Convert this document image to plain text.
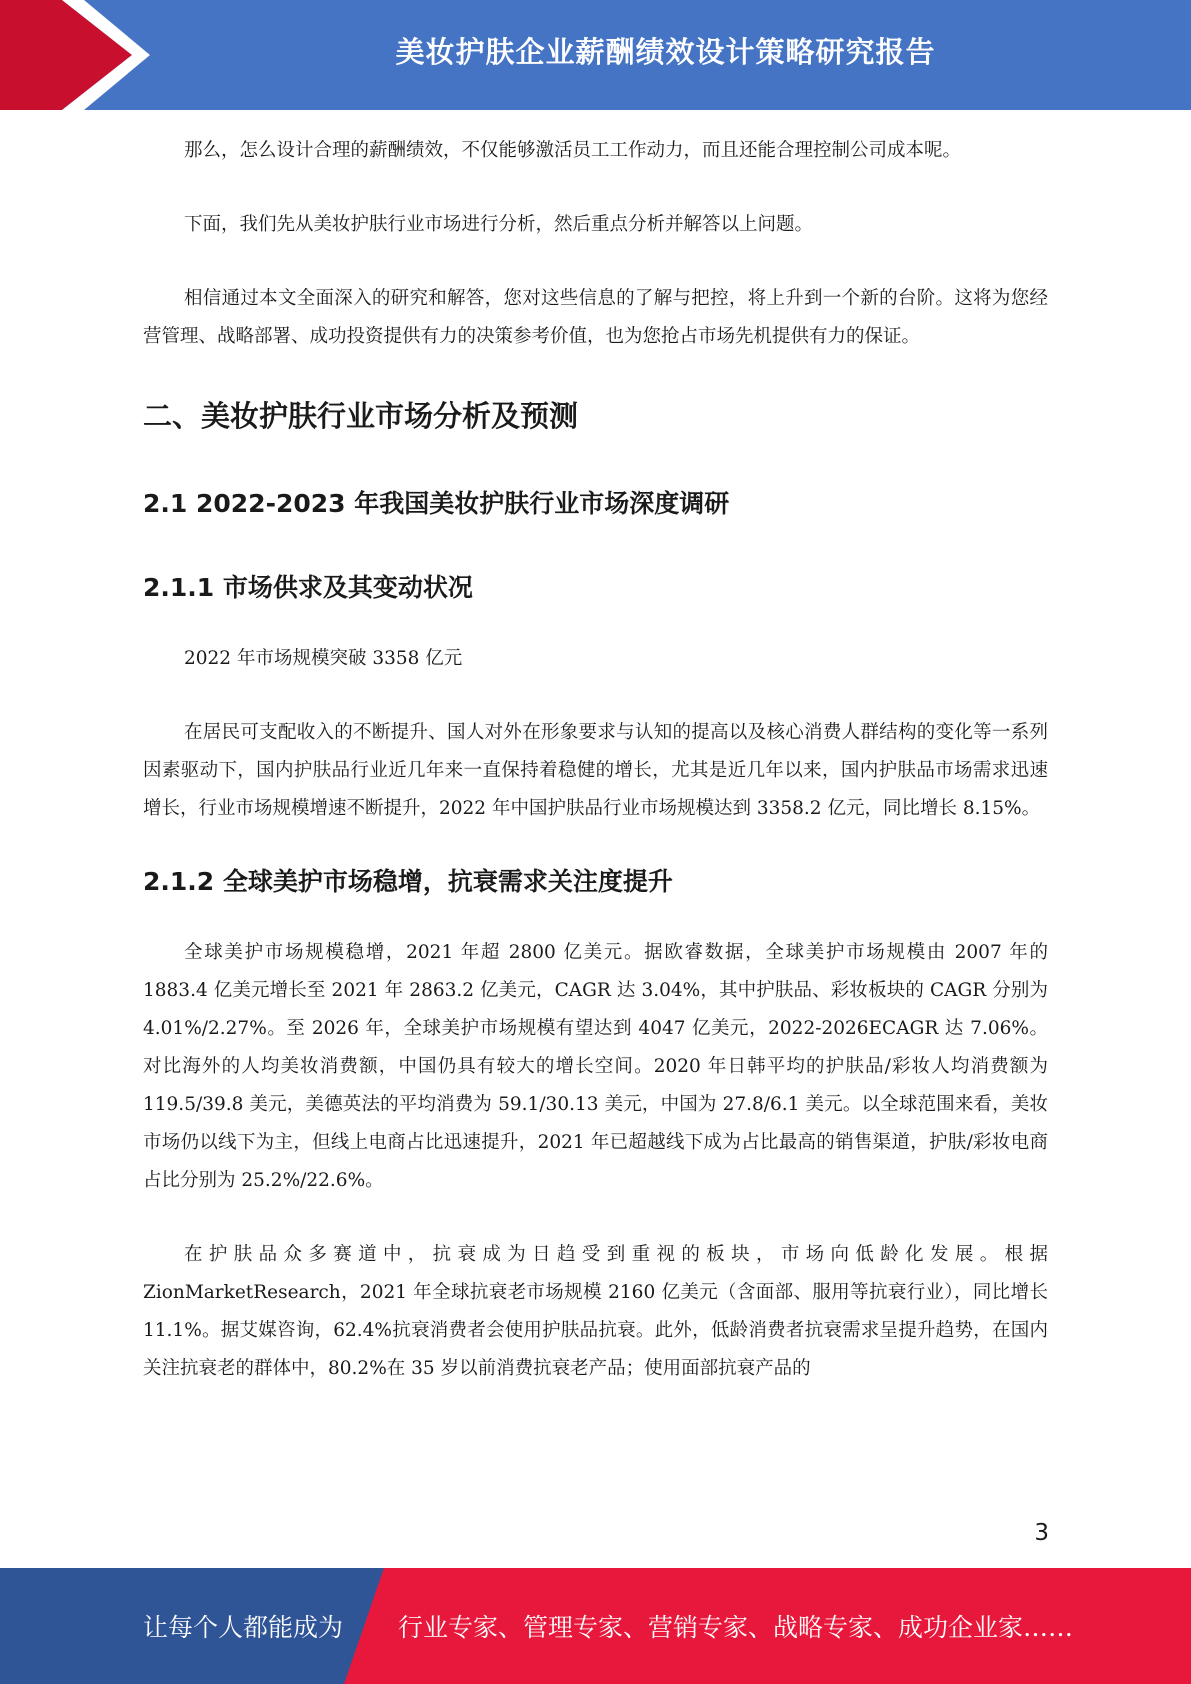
美妆护肤企业薪酬绩效设计策略研究报告

那么，怎么设计合理的薪酬绩效，不仅能够激活员工工作动力，而且还能合理控制公司成本呢。

下面，我们先从美妆护肤行业市场进行分析，然后重点分析并解答以上问题。

相信通过本文全面深入的研究和解答，您对这些信息的了解与把控，将上升到一个新的台阶。这将为您经营管理、战略部署、成功投资提供有力的决策参考价值，也为您抢占市场先机提供有力的保证。

二、美妆护肤行业市场分析及预测
2.1 2022-2023 年我国美妆护肤行业市场深度调研
2.1.1 市场供求及其变动状况

2022 年市场规模突破 3358 亿元

在居民可支配收入的不断提升、国人对外在形象要求与认知的提高以及核心消费人群结构的变化等一系列因素驱动下，国内护肤品行业近几年来一直保持着稳健的增长，尤其是近几年以来，国内护肤品市场需求迅速增长，行业市场规模增速不断提升，2022 年中国护肤品行业市场规模达到 3358.2 亿元，同比增长 8.15%。

2.1.2 全球美护市场稳增，抗衰需求关注度提升

全球美护市场规模稳增，2021 年超 2800 亿美元。据欧睿数据，全球美护市场规模由 2007 年的 1883.4 亿美元增长至 2021 年 2863.2 亿美元，CAGR 达 3.04%，其中护肤品、彩妆板块的 CAGR 分别为 4.01%/2.27%。至 2026 年，全球美护市场规模有望达到 4047 亿美元，2022-2026ECAGR 达 7.06%。对比海外的人均美妆消费额，中国仍具有较大的增长空间。2020 年日韩平均的护肤品/彩妆人均消费额为 119.5/39.8 美元，美德英法的平均消费为 59.1/30.13 美元，中国为 27.8/6.1 美元。以全球范围来看，美妆市场仍以线下为主，但线上电商占比迅速提升，2021 年已超越线下成为占比最高的销售渠道，护肤/彩妆电商占比分别为 25.2%/22.6%。

在护肤品众多赛道中，抗衰成为日趋受到重视的板块，市场向低龄化发展。根据 ZionMarketResearch，2021 年全球抗衰老市场规模 2160 亿美元（含面部、服用等抗衰行业），同比增长 11.1%。据艾媒咨询，62.4%抗衰消费者会使用护肤品抗衰。此外，低龄消费者抗衰需求呈提升趋势，在国内关注抗衰老的群体中，80.2%在 35 岁以前消费抗衰老产品；使用面部抗衰产品的

3
让每个人都能成为 行业专家、管理专家、营销专家、战略专家、成功企业家……
